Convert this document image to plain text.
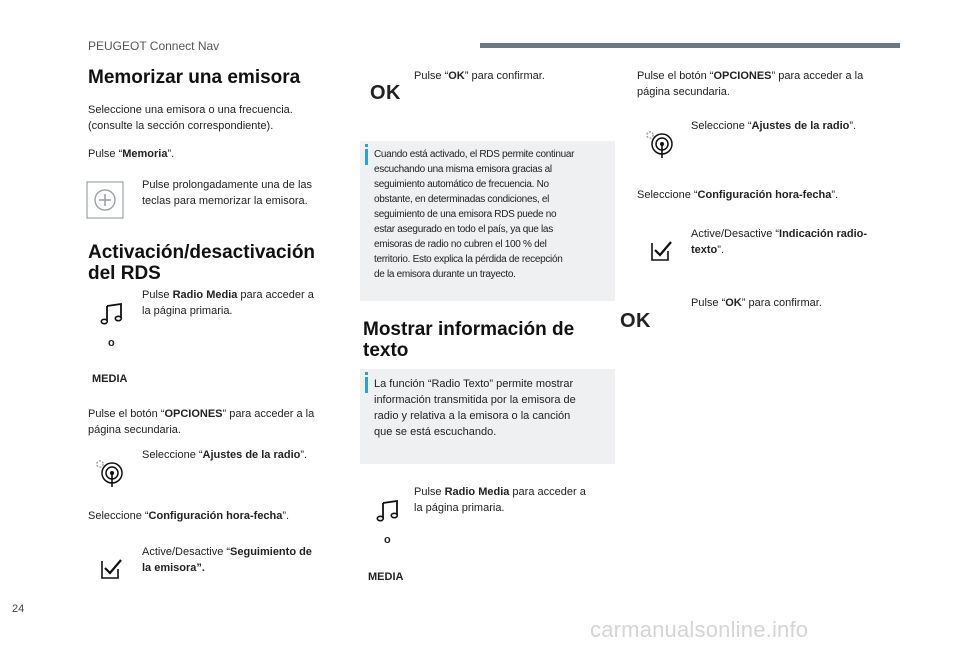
PEUGEOT Connect Nav
Memorizar una emisora
Seleccione una emisora o una frecuencia.
(consulte la sección correspondiente).
Pulse “Memoria”.
Pulse prolongadamente una de las
teclas para memorizar la emisora.
Activación/desactivación
del RDS
o
MEDIA
Pulse Radio Media para acceder a
la página primaria.
Pulse el botón “OPCIONES” para acceder a la
página secundaria.
Seleccione “Ajustes de la radio”.
Seleccione “Configuración hora-fecha”.
Active/Desactive “Seguimiento de
la emisora”.
OK
Pulse “OK” para confirmar.
Cuando está activado, el RDS permite continuar
escuchando una misma emisora gracias al
seguimiento automático de frecuencia. No
obstante, en determinadas condiciones, el
seguimiento de una emisora RDS puede no
estar asegurado en todo el país, ya que las
emisoras de radio no cubren el 100 % del
territorio. Esto explica la pérdida de recepción
de la emisora durante un trayecto.
Mostrar información de
texto
La función “Radio Texto” permite mostrar
información transmitida por la emisora de
radio y relativa a la emisora o la canción
que se está escuchando.
o
MEDIA
Pulse Radio Media para acceder a
la página primaria.
Pulse el botón “OPCIONES” para acceder a la
página secundaria.
Seleccione “Ajustes de la radio”.
Seleccione “Configuración hora-fecha”.
Active/Desactive “Indicación radio-
texto”.
OK
Pulse “OK” para confirmar.
24
carmanualsonline.info
